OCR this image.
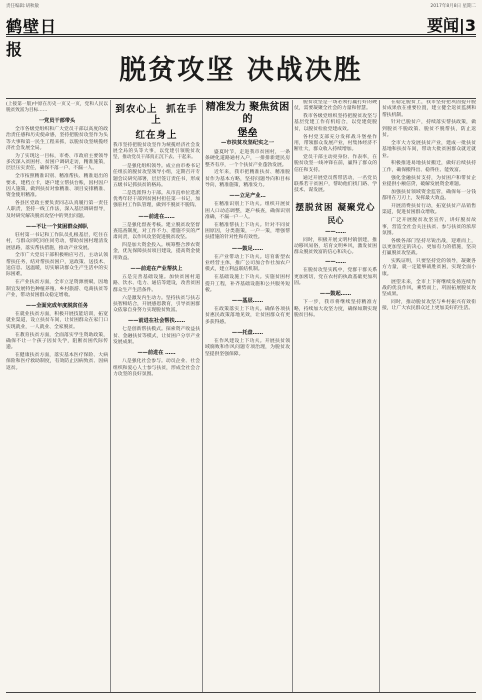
责任编辑:胡秋敏	2017年8月8日 星期二
鹤壁日报
要闻|3
脱贫攻坚 决战决胜
(上接第一版)中原在历史一页又一页，党和人民以脱贫致富为目标……
一党员干部带头

全市各级党组织和广大党员干部以高度的政治责任感和历史使命感，坚持把脱贫攻坚作为头等大事和第一民生工程来抓，以脱贫攻坚统揽经济社会发展全局。

为了实现这一目标，市委、市政府主要领导多次深入贫困村、贫困户调研走访，精准施策，层层压实责任，确保不落一户、不漏一人。

全市按照精准识别、精准帮扶、精准退出的要求，建档立卡，逐户建立帮扶台账，因村因户因人施策，做到扶贫对象精准、项目安排精准、资金使用精准。

各县区党政主要负责同志认真履行第一责任人职责，坚持一线工作法，深入基层调研督导，及时研究解决脱贫攻坚中的突出问题。

——不让一个贫困群众掉队

驻村第一书记和工作队员扎根基层，吃住在村，与群众同吃同住同劳动，帮助贫困村理清发展思路，落实帮扶措施，推动产业发展。

全市广大党员干部积极响应号召，主动认领帮扶任务，结对帮扶贫困户，送政策、送技术、送信息、送温暖，切实解决群众生产生活中的实际困难。

在产业扶贫方面，全市立足资源禀赋，因地制宜发展特色种植养殖、乡村旅游、电商扶贫等产业，带动贫困群众稳定增收。

——全面完成年度脱贫任务

在就业扶贫方面，积极开展技能培训，拓宽就业渠道，设立扶贫车间，让贫困群众在家门口实现就业，一人就业、全家脱贫。

在教育扶贫方面，全面落实学生资助政策，确保不让一个孩子因贫失学，阻断贫困代际传递。

在健康扶贫方面，落实基本医疗保险、大病保险和医疗救助制度，有效防止因病致贫、因病返贫。

到农心上 抓在手上
红在身上
我市坚持把脱贫攻坚作为统揽经济社会发展全局的头等大事，以党建引领脱贫攻坚，推动党员干部真正沉下去、干起来。

一是强化组织领导。成立由市委书记任组长的脱贫攻坚领导小组，定期召开专题会议研究部署，层层签订责任书，形成五级书记抓扶贫的格局。

二是选派得力干部。从市直单位选派优秀年轻干部到贫困村担任第一书记，加强驻村工作队管理，做到不脱贫不脱钩。

——前进在……

三是强化督查考核。建立脱贫攻坚督查巡查制度，对工作不力、措施不实的严肃问责，以作风攻坚促进脱贫攻坚。

四是加大资金投入。统筹整合涉农资金，优先保障扶贫项目建设，提高资金使用效益。

——前进在产业帮扶上

五是完善基础设施。加快贫困村道路、饮水、电力、通信等建设，改善贫困群众生产生活条件。

六是激发内生动力。坚持扶贫与扶志扶智相结合，开展感恩教育，引导贫困群众依靠自身努力实现脱贫致富。

——前进在社会帮扶……

七是创新帮扶模式。探索资产收益扶贫、金融扶贫等模式，让贫困户分享产业发展成果。

——前进在 ……

八是强化社会参与。动员企业、社会组织和爱心人士参与扶贫，形成全社会合力攻坚的良好氛围。

精准发力 聚焦贫困的
堡垒
—市扶贫攻坚纪实之一

盛夏时节，走进我市贫困村，一条条硬化道路通村入户，一排排新建民房整齐有序，一个个扶贫产业蓬勃发展。

近年来，我市把精准扶贫、精准脱贫作为基本方略，坚持问题导向和目标导向，精准施策，精准发力。

——立足产业…

在精准识别上下功夫。组织开展贫困人口动态调整，逐户核查，确保识别准确，不漏一户一人。

在精准帮扶上下功夫。针对不同贫困原因，分类施策，一户一策，增强帮扶措施的针对性和有效性。

——鼓足……

在产业带动上下功夫。培育新型农业经营主体，推广公司加合作社加农户模式，建立利益联结机制。

在基础设施上下功夫。实施贫困村提升工程，补齐基础设施和公共服务短板。

——基层……

在政策落实上下功夫。确保各项扶贫惠民政策落地见效，让贫困群众有更多获得感。

——托盘……

在作风建设上下功夫。开展扶贫领域腐败和作风问题专项治理，为脱贫攻坚提供坚强保障。

脱贫攻坚是一场必须打赢打好的硬仗，需要凝聚全社会的力量和智慧。

我市各级党组织坚持把脱贫攻坚与基层党建工作有机结合，以党建促脱贫，以脱贫检验党建成效。

各村党支部充分发挥战斗堡垒作用，带领群众发展产业，村集体经济不断壮大，群众收入持续增加。

党员干部主动亮身份、作表率，在脱贫攻坚一线冲锋在前，赢得了群众的信任和支持。

通过开展党员帮带活动，一名党员联系若干贫困户，帮助他们找门路、学技术、谋发展。

摆脱贫困 凝聚党心
民心
——……

同时，积极开展文明村镇创建，推动移风易俗，培育文明乡风，激发贫困群众脱贫致富的信心和决心。

——……

在脱贫攻坚实践中，党群干群关系更加密切，党在农村的执政基础更加巩固。

——鼓起……

下一步，我市将继续坚持精准方略，持续加大攻坚力度，确保如期实现脱贫目标。

在稳定脱贫上，我市坚持把巩固提升脱贫成果放在重要位置，建立健全返贫监测和帮扶机制。

针对已脱贫户，持续落实帮扶政策，做到脱贫不脱政策、脱贫不脱帮扶，防止返贫。

全市大力发展扶贫产业，建成一批扶贫基地和扶贫车间，带动大批贫困群众就近就业。

积极推进易地扶贫搬迁，做好后续扶持工作，确保搬得出、稳得住、能致富。

强化金融扶贫支持，为贫困户和带贫企业提供小额信贷，破解发展资金难题。

加强扶贫领域资金监管，确保每一分钱都用在刀刃上，发挥最大效益。

开展消费扶贫行动，拓宽扶贫产品销售渠道，促进贫困群众增收。

广泛开展脱贫攻坚宣传，讲好脱贫故事，营造全社会关注扶贫、参与扶贫的浓厚氛围。

各级各部门坚持尽锐出战，迎难而上，以更加坚定的决心、更加有力的措施，坚决打赢脱贫攻坚战。

实践证明，只要坚持党的领导，凝聚各方力量，就一定能够战胜贫困，实现全面小康。

展望未来，全市上下将继续发扬连续作战的优良作风，乘势而上，巩固拓展脱贫攻坚成果。

同时，推动脱贫攻坚与乡村振兴有效衔接，让广大农民群众过上更加美好的生活。
